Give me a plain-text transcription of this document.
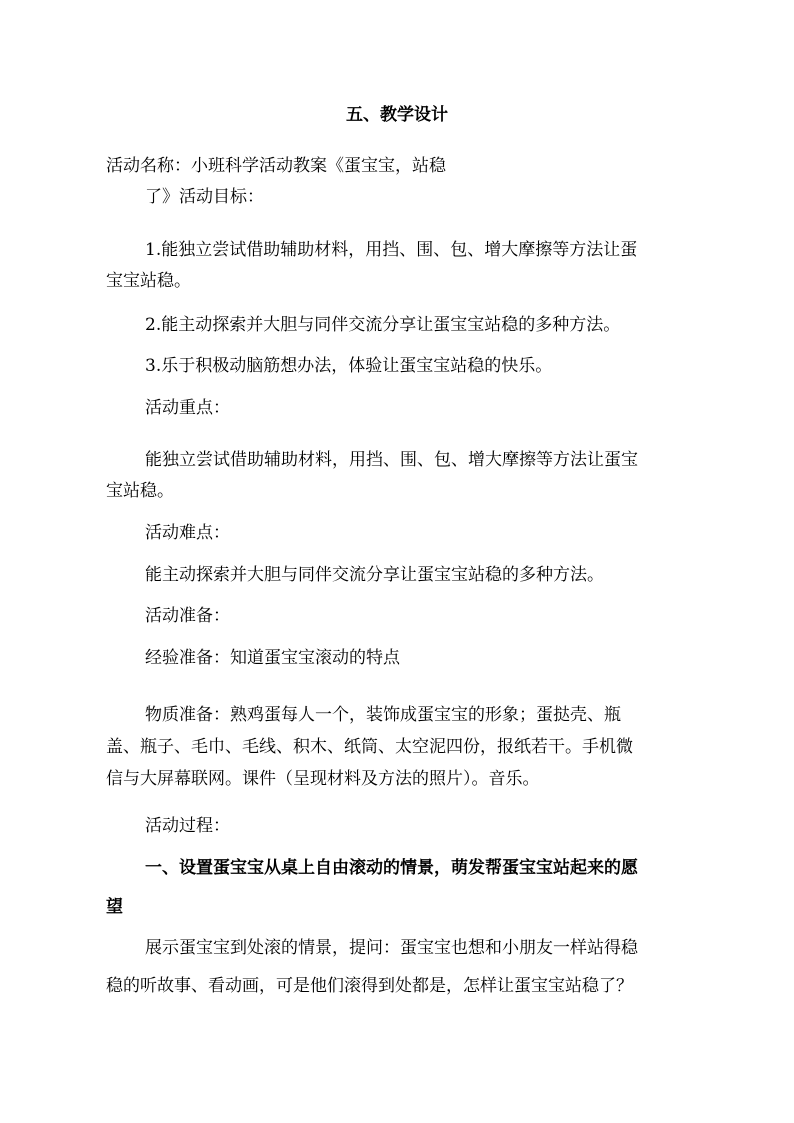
五、教学设计
活动名称：小班科学活动教案《蛋宝宝，站稳
了》活动目标：
1.能独立尝试借助辅助材料，用挡、围、包、增大摩擦等方法让蛋
宝宝站稳。
2.能主动探索并大胆与同伴交流分享让蛋宝宝站稳的多种方法。
3.乐于积极动脑筋想办法，体验让蛋宝宝站稳的快乐。
活动重点：
能独立尝试借助辅助材料，用挡、围、包、增大摩擦等方法让蛋宝
宝站稳。
活动难点：
能主动探索并大胆与同伴交流分享让蛋宝宝站稳的多种方法。
活动准备：
经验准备：知道蛋宝宝滚动的特点
物质准备：熟鸡蛋每人一个，装饰成蛋宝宝的形象；蛋挞壳、瓶
盖、瓶子、毛巾、毛线、积木、纸筒、太空泥四份，报纸若干。手机微
信与大屏幕联网。课件（呈现材料及方法的照片）。音乐。
活动过程：
一、设置蛋宝宝从桌上自由滚动的情景，萌发帮蛋宝宝站起来的愿
望
展示蛋宝宝到处滚的情景，提问：蛋宝宝也想和小朋友一样站得稳
稳的听故事、看动画，可是他们滚得到处都是，怎样让蛋宝宝站稳了？
